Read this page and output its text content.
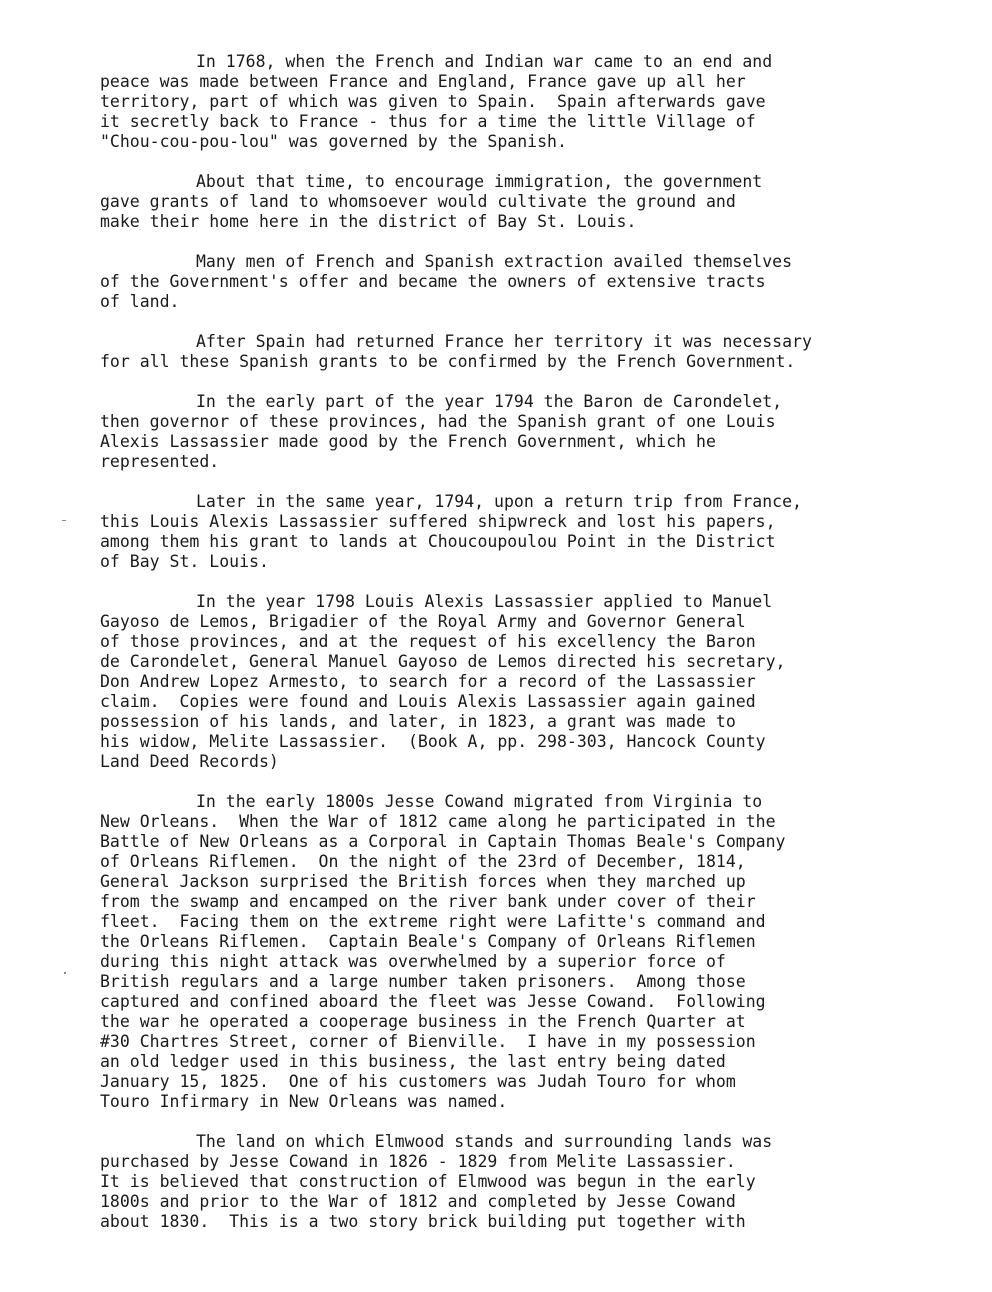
In 1768, when the French and Indian war came to an end and
peace was made between France and England, France gave up all her
territory, part of which was given to Spain.  Spain afterwards gave
it secretly back to France - thus for a time the little Village of
"Chou-cou-pou-lou" was governed by the Spanish.
About that time, to encourage immigration, the government
gave grants of land to whomsoever would cultivate the ground and
make their home here in the district of Bay St. Louis.
Many men of French and Spanish extraction availed themselves
of the Government's offer and became the owners of extensive tracts
of land.
After Spain had returned France her territory it was necessary
for all these Spanish grants to be confirmed by the French Government.
In the early part of the year 1794 the Baron de Carondelet,
then governor of these provinces, had the Spanish grant of one Louis
Alexis Lassassier made good by the French Government, which he
represented.
Later in the same year, 1794, upon a return trip from France,
this Louis Alexis Lassassier suffered shipwreck and lost his papers,
among them his grant to lands at Choucoupoulou Point in the District
of Bay St. Louis.
In the year 1798 Louis Alexis Lassassier applied to Manuel
Gayoso de Lemos, Brigadier of the Royal Army and Governor General
of those provinces, and at the request of his excellency the Baron
de Carondelet, General Manuel Gayoso de Lemos directed his secretary,
Don Andrew Lopez Armesto, to search for a record of the Lassassier
claim.  Copies were found and Louis Alexis Lassassier again gained
possession of his lands, and later, in 1823, a grant was made to
his widow, Melite Lassassier.  (Book A, pp. 298-303, Hancock County
Land Deed Records)
In the early 1800s Jesse Cowand migrated from Virginia to
New Orleans.  When the War of 1812 came along he participated in the
Battle of New Orleans as a Corporal in Captain Thomas Beale's Company
of Orleans Riflemen.  On the night of the 23rd of December, 1814,
General Jackson surprised the British forces when they marched up
from the swamp and encamped on the river bank under cover of their
fleet.  Facing them on the extreme right were Lafitte's command and
the Orleans Riflemen.  Captain Beale's Company of Orleans Riflemen
during this night attack was overwhelmed by a superior force of
British regulars and a large number taken prisoners.  Among those
captured and confined aboard the fleet was Jesse Cowand.  Following
the war he operated a cooperage business in the French Quarter at
#30 Chartres Street, corner of Bienville.  I have in my possession
an old ledger used in this business, the last entry being dated
January 15, 1825.  One of his customers was Judah Touro for whom
Touro Infirmary in New Orleans was named.
The land on which Elmwood stands and surrounding lands was
purchased by Jesse Cowand in 1826 - 1829 from Melite Lassassier.
It is believed that construction of Elmwood was begun in the early
1800s and prior to the War of 1812 and completed by Jesse Cowand
about 1830.  This is a two story brick building put together with
